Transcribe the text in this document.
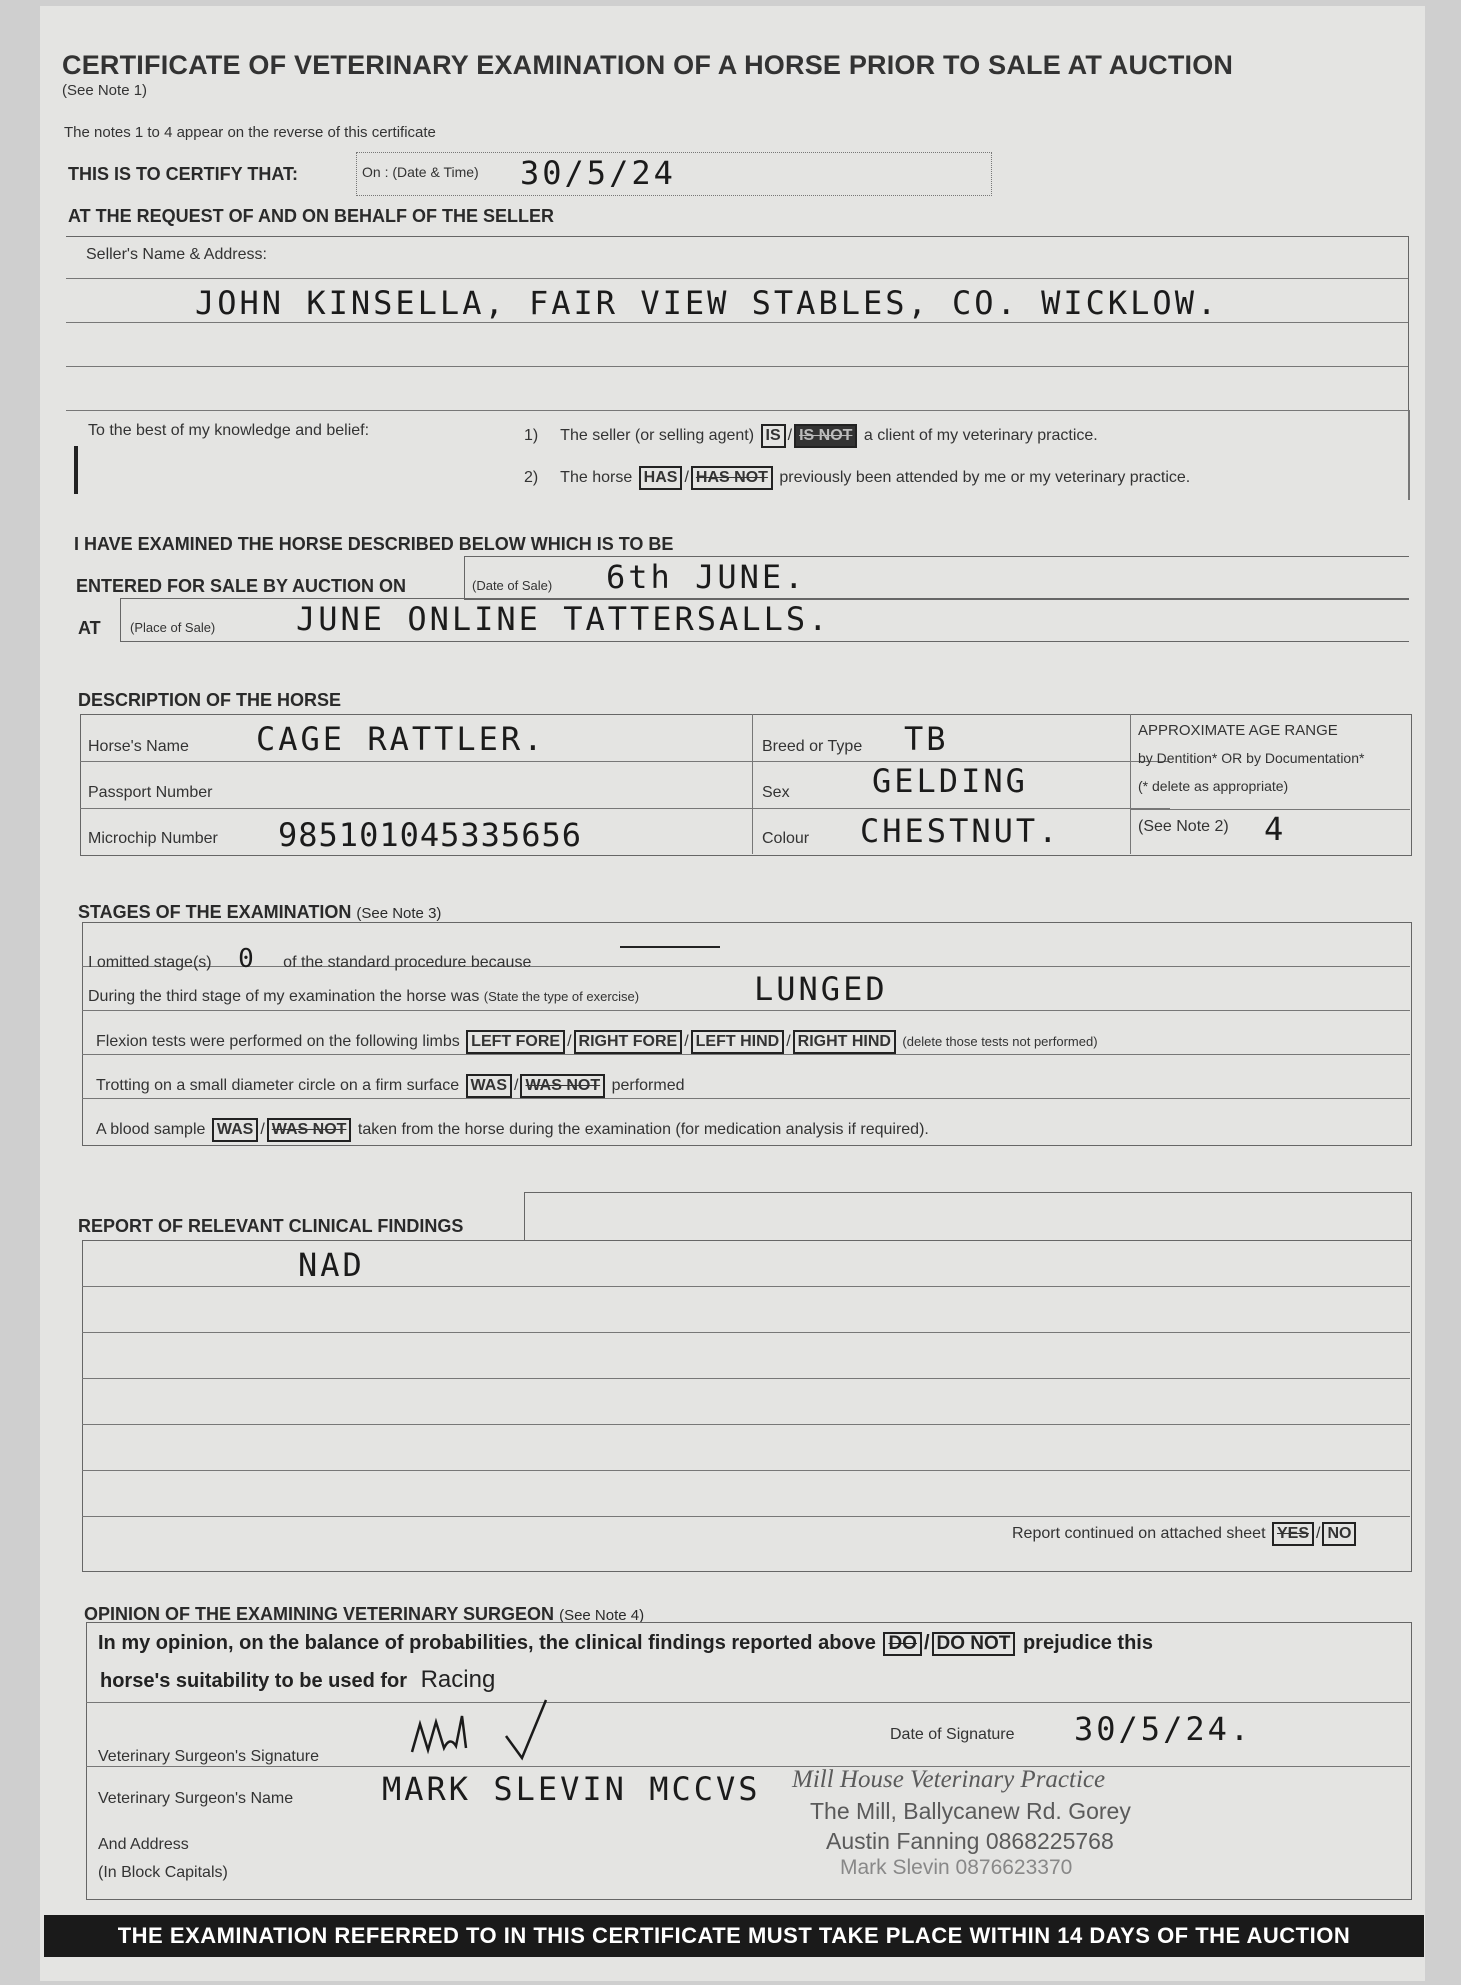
CERTIFICATE OF VETERINARY EXAMINATION OF A HORSE PRIOR TO SALE AT AUCTION
(See Note 1)
The notes 1 to 4 appear on the reverse of this certificate
THIS IS TO CERTIFY THAT:	On : (Date & Time) 30/5/24
AT THE REQUEST OF AND ON BEHALF OF THE SELLER
Seller's Name & Address:
JOHN KINSELLA, FAIR VIEW STABLES, CO. WICKLOW.
To the best of my knowledge and belief:	1) The seller (or selling agent) IS / IS NOT a client of my veterinary practice.
2) The horse HAS / HAS NOT previously been attended by me or my veterinary practice.
I HAVE EXAMINED THE HORSE DESCRIBED BELOW WHICH IS TO BE
ENTERED FOR SALE BY AUCTION ON	(Date of Sale) 6th JUNE.
AT (Place of Sale)	JUNE ONLINE TATTERSALLS.
DESCRIPTION OF THE HORSE
Horse's Name CAGE RATTLER.
Passport Number
Microchip Number 985101045335656
Breed or Type TB
Sex	GELDING
Colour CHESTNUT.
APPROXIMATE AGE RANGE
by Dentition* OR by Documentation*
(* delete as appropriate)
(See Note 2) 4
STAGES OF THE EXAMINATION (See Note 3)
I omitted stage(s) 0 of the standard procedure because
During the third stage of my examination the horse was (State the type of exercise)	LUNGED
Flexion tests were performed on the following limbs LEFT FORE / RIGHT FORE / LEFT HIND / RIGHT HIND (delete those tests not performed)
Trotting on a small diameter circle on a firm surface WAS / WAS NOT performed
A blood sample WAS / WAS NOT taken from the horse during the examination (for medication analysis if required).
REPORT OF RELEVANT CLINICAL FINDINGS
NAD
Report continued on attached sheet YES / NO
OPINION OF THE EXAMINING VETERINARY SURGEON (See Note 4)
In my opinion, on the balance of probabilities, the clinical findings reported above DO / DO NOT prejudice this
horse's suitability to be used for Racing
Veterinary Surgeon's Signature
Date of Signature 30/5/24.
Veterinary Surgeon's Name	MARK SLEVIN MCCVS
And Address
(In Block Capitals)
Mill House Veterinary Practice
The Mill, Ballycanew Rd. Gorey
Austin Fanning 0868225768
Mark Slevin 0876623370
THE EXAMINATION REFERRED TO IN THIS CERTIFICATE MUST TAKE PLACE WITHIN 14 DAYS OF THE AUCTION
